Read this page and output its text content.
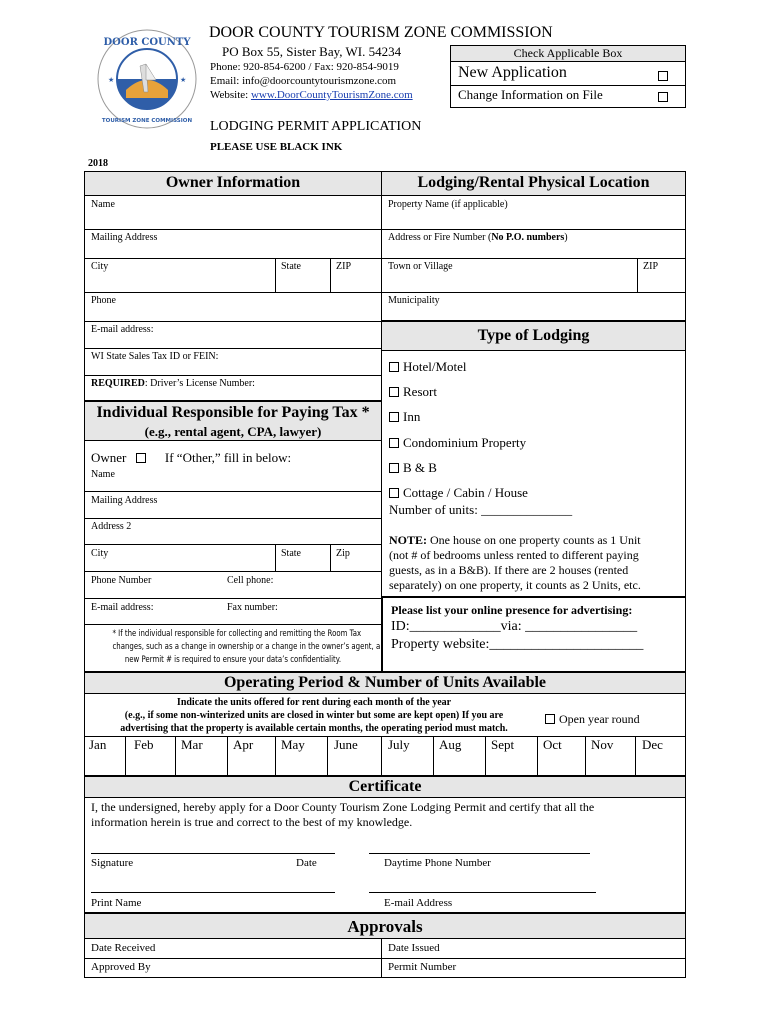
DOOR COUNTY
TOURISM ZONE COMMISSION
★	★
DOOR COUNTY TOURISM ZONE COMMISSION
PO Box 55, Sister Bay, WI. 54234
Phone: 920-854-6200 / Fax: 920-854-9019
Email: info@doorcountytourismzone.com
Website: www.DoorCountyTourismZone.com
Check Applicable Box
New Application
Change Information on File
LODGING PERMIT APPLICATION
PLEASE USE BLACK INK
2018
Owner Information
Name
Mailing Address
City	State	ZIP
Phone
E-mail address:
WI State Sales Tax ID or FEIN:
REQUIRED: Driver’s License Number:
Individual Responsible for Paying Tax *
(e.g., rental agent, CPA, lawyer)
Owner	If “Other,” fill in below:
Name
Mailing Address
Address 2
City	State	Zip
Phone Number	Cell phone:
E-mail address:	Fax number:
* If the individual responsible for collecting and remitting the Room Tax
changes, such as a change in ownership or a change in the owner’s agent, a
new Permit # is required to ensure your data’s confidentiality.
Lodging/Rental Physical Location
Property Name (if applicable)
Address or Fire Number (No P.O. numbers)
Town or Village	ZIP
Municipality
Type of Lodging
Hotel/Motel
Resort
Inn
Condominium Property
B & B
Cottage / Cabin / House
Number of units: ______________
NOTE: One house on one property counts as 1 Unit
(not # of bedrooms unless rented to different paying
guests, as in a B&B). If there are 2 houses (rented
separately) on one property, it counts as 2 Units, etc.
Please list your online presence for advertising:
ID:_____________via: ________________
Property website:______________________
Operating Period & Number of Units Available
Indicate the units offered for rent during each month of the year
(e.g., if some non-winterized units are closed in winter but some are kept open) If you are
advertising that the property is available certain months, the operating period must match.
Open year round
Jan Feb Mar Apr May June July Aug Sept Oct Nov Dec
Certificate
I, the undersigned, hereby apply for a Door County Tourism Zone Lodging Permit and certify that all the
information herein is true and correct to the best of my knowledge.
Signature	Date	Daytime Phone Number
Print Name	E-mail Address
Approvals
Date Received	Date Issued
Approved By	Permit Number
